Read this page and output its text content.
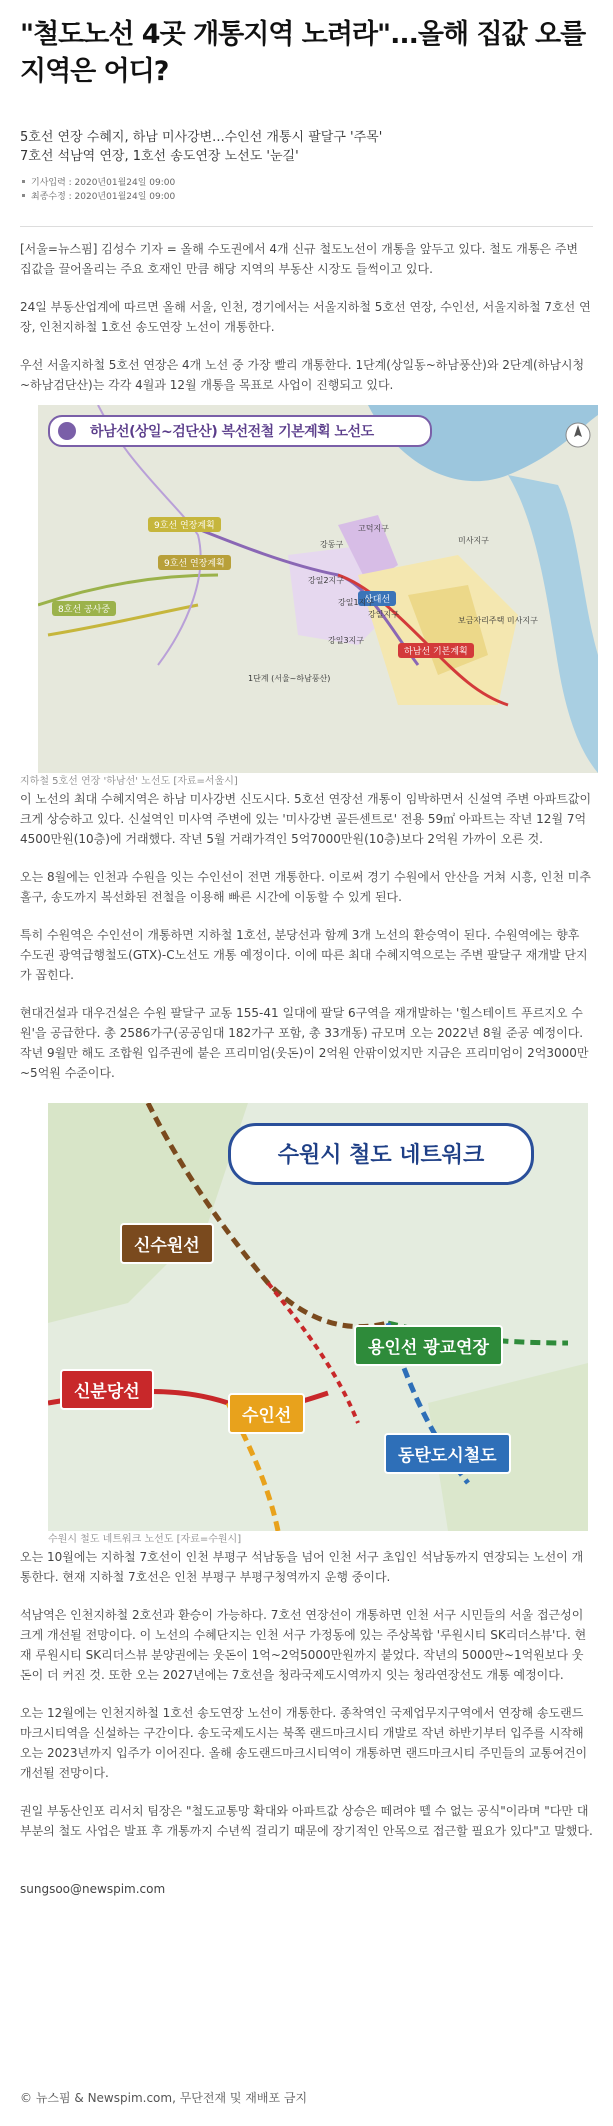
"철도노선 4곳 개통지역 노려라"...올해 집값 오를 지역은 어디?
5호선 연장 수혜지, 하남 미사강변...수인선 개통시 팔달구 '주목'
7호선 석남역 연장, 1호선 송도연장 노선도 '눈길'
기사입력 : 2020년01월24일 09:00
최종수정 : 2020년01월24일 09:00

[서울=뉴스핌] 김성수 기자 = 올해 수도권에서 4개 신규 철도노선이 개통을 앞두고 있다. 철도 개통은 주변 집값을 끌어올리는 주요 호재인 만큼 해당 지역의 부동산 시장도 들썩이고 있다.

24일 부동산업계에 따르면 올해 서울, 인천, 경기에서는 서울지하철 5호선 연장, 수인선, 서울지하철 7호선 연장, 인천지하철 1호선 송도연장 노선이 개통한다.

우선 서울지하철 5호선 연장은 4개 노선 중 가장 빨리 개통한다. 1단계(상일동~하남풍산)와 2단계(하남시청~하남검단산)는 각각 4월과 12월 개통을 목표로 사업이 진행되고 있다.

하남선(상일~검단산) 복선전철 기본계획 노선도
9호선 연장계획
8호선 공사중
9호선 연장계획
하남선 기본계획
상대선
1단계 (서울~하남풍산)
강동구
고덕지구
강일지구
미사지구
보금자리주택 미사지구
강일2지구
강일1지구
강일3지구
지하철 5호선 연장 '하남선' 노선도 [자료=서울시]

이 노선의 최대 수혜지역은 하남 미사강변 신도시다. 5호선 연장선 개통이 임박하면서 신설역 주변 아파트값이 크게 상승하고 있다. 신설역인 미사역 주변에 있는 '미사강변 골든센트로' 전용 59㎡ 아파트는 작년 12월 7억 4500만원(10층)에 거래했다. 작년 5월 거래가격인 5억7000만원(10층)보다 2억원 가까이 오른 것.

오는 8월에는 인천과 수원을 잇는 수인선이 전면 개통한다. 이로써 경기 수원에서 안산을 거쳐 시흥, 인천 미추홀구, 송도까지 복선화된 전철을 이용해 빠른 시간에 이동할 수 있게 된다.

특히 수원역은 수인선이 개통하면 지하철 1호선, 분당선과 함께 3개 노선의 환승역이 된다. 수원역에는 향후 수도권 광역급행철도(GTX)-C노선도 개통 예정이다. 이에 따른 최대 수혜지역으로는 주변 팔달구 재개발 단지가 꼽힌다.

현대건설과 대우건설은 수원 팔달구 교동 155-41 일대에 팔달 6구역을 재개발하는 '힐스테이트 푸르지오 수원'을 공급한다. 총 2586가구(공공임대 182가구 포함, 총 33개동) 규모며 오는 2022년 8월 준공 예정이다. 작년 9월만 해도 조합원 입주권에 붙은 프리미엄(웃돈)이 2억원 안팎이었지만 지금은 프리미엄이 2억3000만~5억원 수준이다.

수원시 철도 네트워크
신수원선
용인선 광교연장
신분당선
수인선
동탄도시철도
수원시 철도 네트워크 노선도 [자료=수원시]

오는 10월에는 지하철 7호선이 인천 부평구 석남동을 넘어 인천 서구 초입인 석남동까지 연장되는 노선이 개통한다. 현재 지하철 7호선은 인천 부평구 부평구청역까지 운행 중이다.

석남역은 인천지하철 2호선과 환승이 가능하다. 7호선 연장선이 개통하면 인천 서구 시민들의 서울 접근성이 크게 개선될 전망이다. 이 노선의 수혜단지는 인천 서구 가정동에 있는 주상복합 '루원시티 SK리더스뷰'다. 현재 루원시티 SK리더스뷰 분양권에는 웃돈이 1억~2억5000만원까지 붙었다. 작년의 5000만~1억원보다 웃돈이 더 커진 것. 또한 오는 2027년에는 7호선을 청라국제도시역까지 잇는 청라연장선도 개통 예정이다.

오는 12월에는 인천지하철 1호선 송도연장 노선이 개통한다. 종착역인 국제업무지구역에서 연장해 송도랜드마크시티역을 신설하는 구간이다. 송도국제도시는 북쪽 랜드마크시티 개발로 작년 하반기부터 입주를 시작해 오는 2023년까지 입주가 이어진다. 올해 송도랜드마크시티역이 개통하면 랜드마크시티 주민들의 교통여건이 개선될 전망이다.

권일 부동산인포 리서치 팀장은 "철도교통망 확대와 아파트값 상승은 떼려야 뗄 수 없는 공식"이라며 "다만 대부분의 철도 사업은 발표 후 개통까지 수년씩 걸리기 때문에 장기적인 안목으로 접근할 필요가 있다"고 말했다.

sungsoo@newspim.com

© 뉴스핌 & Newspim.com, 무단전재 및 재배포 금지
